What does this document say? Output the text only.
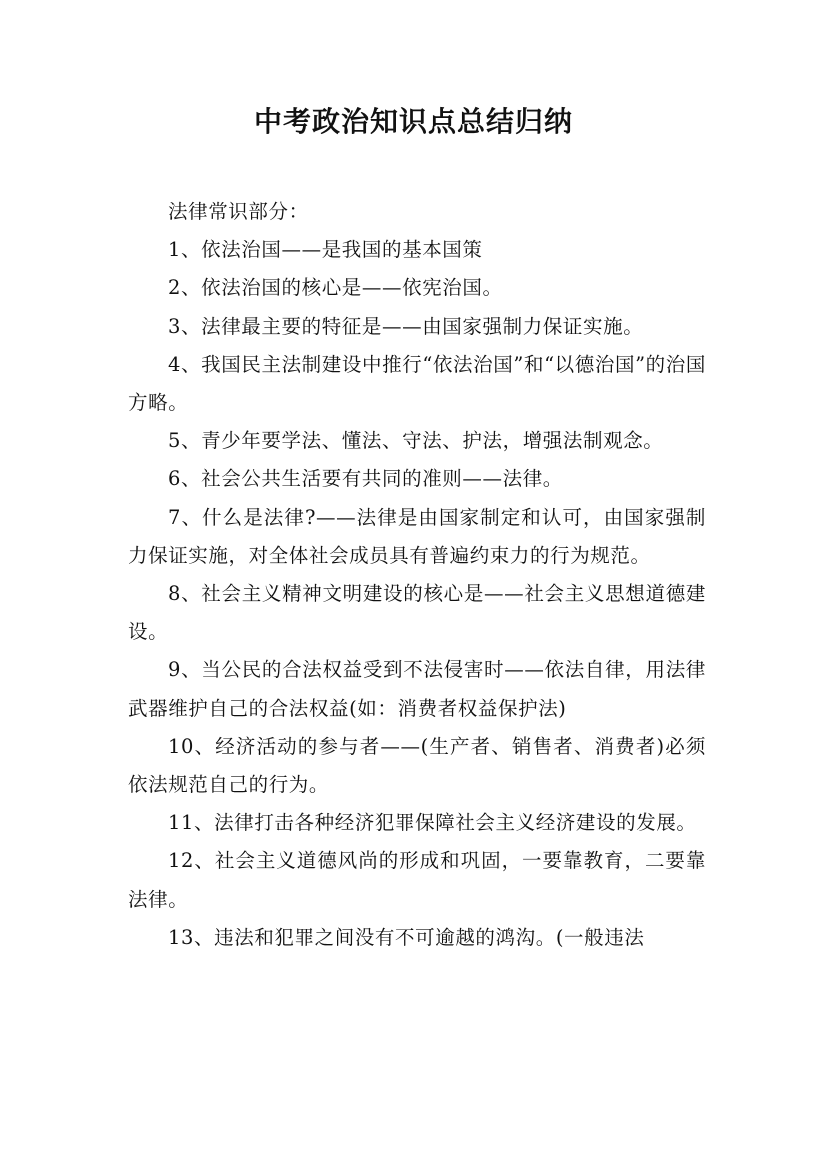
中考政治知识点总结归纳

法律常识部分：

1、依法治国——是我国的基本国策

2、依法治国的核心是——依宪治国。

3、法律最主要的特征是——由国家强制力保证实施。

4、我国民主法制建设中推行“依法治国”和“以德治国”的治国方略。

5、青少年要学法、懂法、守法、护法，增强法制观念。

6、社会公共生活要有共同的准则——法律。

7、什么是法律?——法律是由国家制定和认可，由国家强制力保证实施，对全体社会成员具有普遍约束力的行为规范。

8、社会主义精神文明建设的核心是——社会主义思想道德建设。

9、当公民的合法权益受到不法侵害时——依法自律，用法律武器维护自己的合法权益(如：消费者权益保护法)

10、经济活动的参与者——(生产者、销售者、消费者)必须依法规范自己的行为。

11、法律打击各种经济犯罪保障社会主义经济建设的发展。

12、社会主义道德风尚的形成和巩固，一要靠教育，二要靠法律。

13、违法和犯罪之间没有不可逾越的鸿沟。(一般违法
